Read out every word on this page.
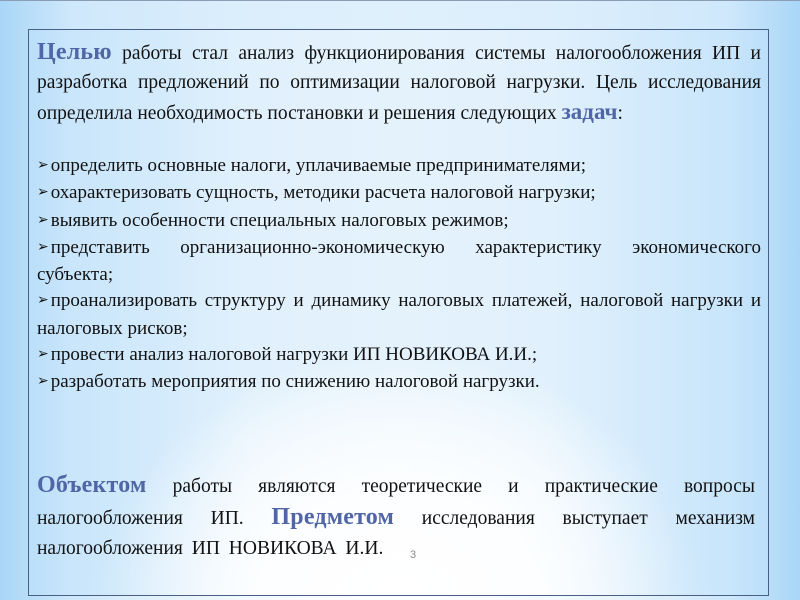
Целью работы стал анализ функционирования системы налогообложения ИП и разработка предложений по оптимизации налоговой нагрузки. Цель исследования определила необходимость постановки и решения следующих задач:

➢ определить основные налоги, уплачиваемые предпринимателями;
➢ охарактеризовать сущность, методики расчета налоговой нагрузки;
➢ выявить особенности специальных налоговых режимов;
➢ представить организационно-экономическую характеристику экономического субъекта;
➢ проанализировать структуру и динамику налоговых платежей, налоговой нагрузки и налоговых рисков;
➢ провести анализ налоговой нагрузки ИП НОВИКОВА И.И.;
➢ разработать мероприятия по снижению налоговой нагрузки.

Объектом работы являются теоретические и практические вопросы налогообложения ИП. Предметом исследования выступает механизм налогообложения ИП НОВИКОВА И.И.	3
